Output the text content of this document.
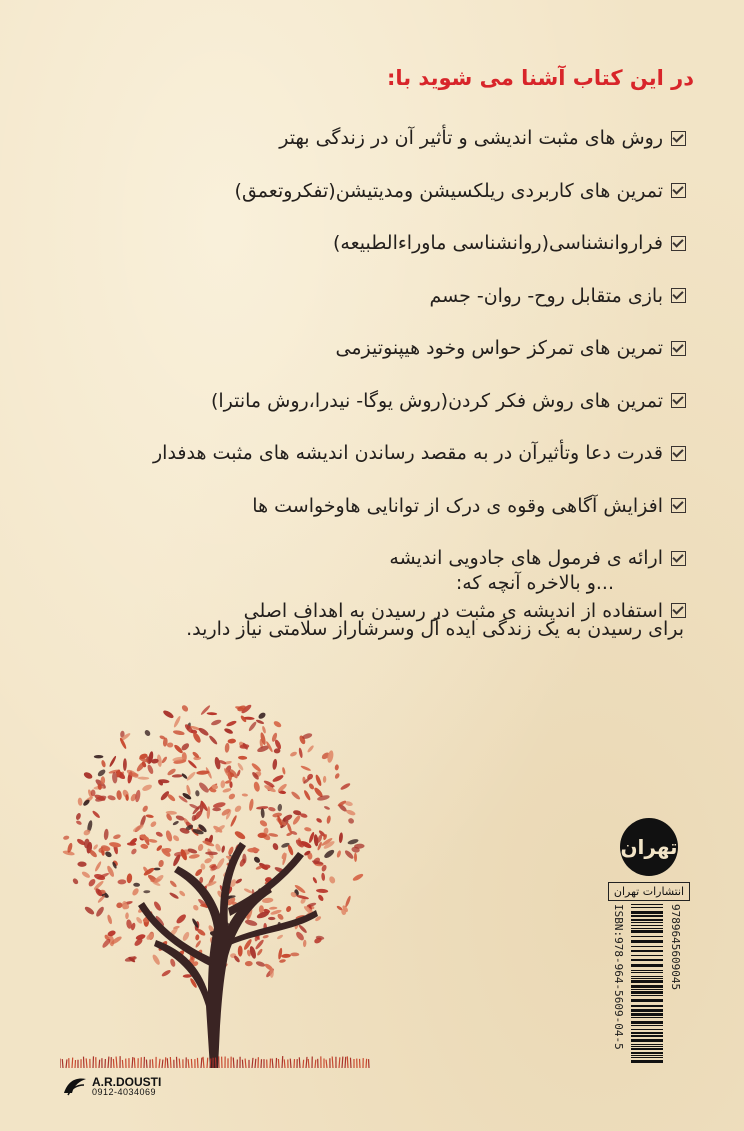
در این کتاب آشنا می شوید با:
روش های مثبت اندیشی و تأثیر آن در زندگی بهتر
تمرین های کاربردی ریلکسیشن ومدیتیشن(تفکروتعمق)
فراروانشناسی(روانشناسی ماوراءالطبیعه)
بازی متقابل روح- روان- جسم
تمرین های تمرکز حواس وخود هیپنوتیزمی
تمرین های روش فکر کردن(روش یوگا- نیدرا،روش مانترا)
قدرت دعا وتأثیرآن در به مقصد رساندن اندیشه های مثبت هدفدار
افزایش آگاهی وقوه ی درک از توانایی هاوخواست ها
ارائه ی فرمول های جادویی اندیشه
استفاده از اندیشه ی مثبت در رسیدن به اهداف اصلی
...و بالاخره آنچه که:
برای رسیدن به یک زندگی ایده آل وسرشاراز سلامتی نیاز دارید.
تهران
انتشارات تهران
ISBN:978-964-5609-04-5	9789645609045
A.R.DOUSTI
0912-4034069
